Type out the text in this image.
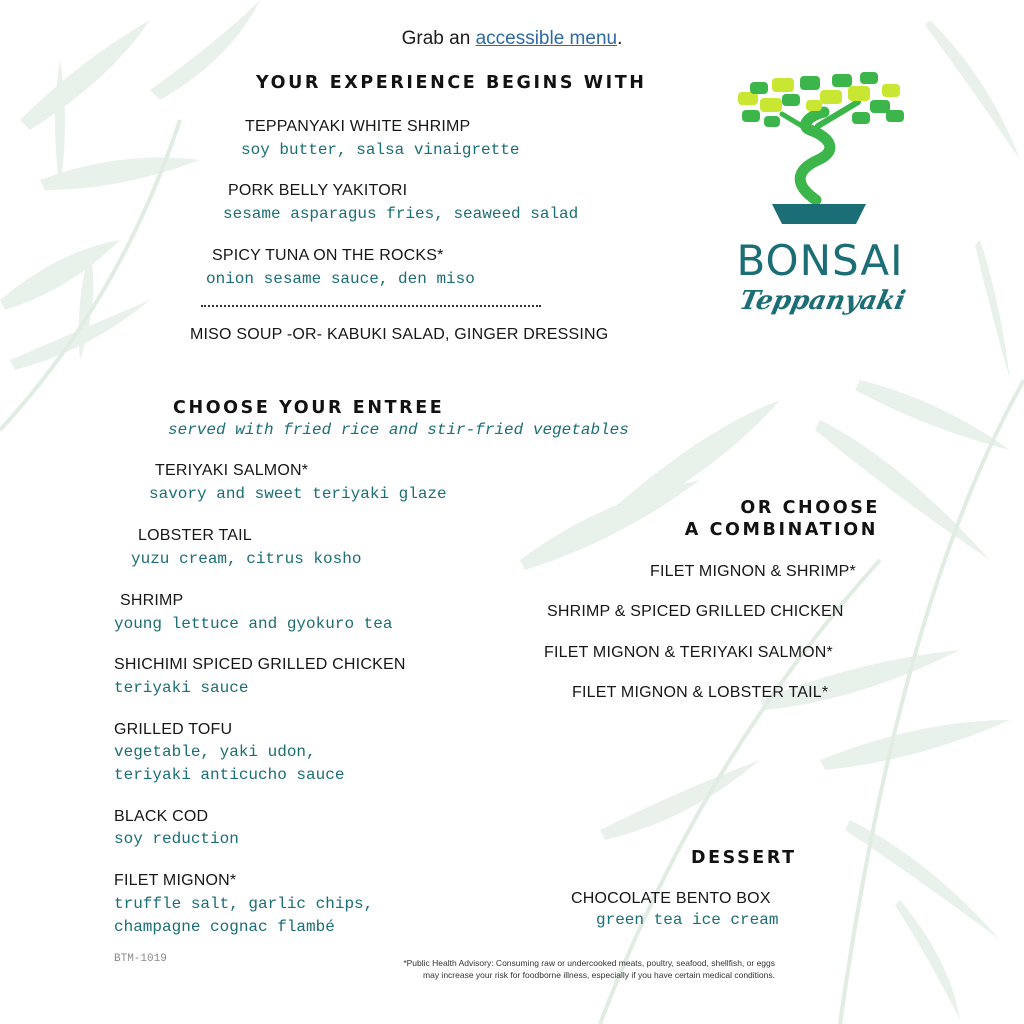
Grab an accessible menu.
YOUR EXPERIENCE BEGINS WITH
TEPPANYAKI WHITE SHRIMP
soy butter, salsa vinaigrette
PORK BELLY YAKITORI
sesame asparagus fries, seaweed salad
SPICY TUNA ON THE ROCKS*
onion sesame sauce, den miso
MISO SOUP -OR- KABUKI SALAD, GINGER DRESSING
CHOOSE YOUR ENTREE
served with fried rice and stir-fried vegetables
TERIYAKI SALMON*
savory and sweet teriyaki glaze
LOBSTER TAIL
yuzu cream, citrus kosho
SHRIMP
young lettuce and gyokuro tea
SHICHIMI SPICED GRILLED CHICKEN
teriyaki sauce
GRILLED TOFU
vegetable, yaki udon,
teriyaki anticucho sauce
BLACK COD
soy reduction
FILET MIGNON*
truffle salt, garlic chips,
champagne cognac flambé
BTM-1019
OR CHOOSE
A COMBINATION
FILET MIGNON & SHRIMP*
SHRIMP & SPICED GRILLED CHICKEN
FILET MIGNON & TERIYAKI SALMON*
FILET MIGNON & LOBSTER TAIL*
DESSERT
CHOCOLATE BENTO BOX
green tea ice cream
*Public Health Advisory: Consuming raw or undercooked meats, poultry, seafood, shellfish, or eggs
may increase your risk for foodborne illness, especially if you have certain medical conditions.
BONSAI
Teppanyaki
